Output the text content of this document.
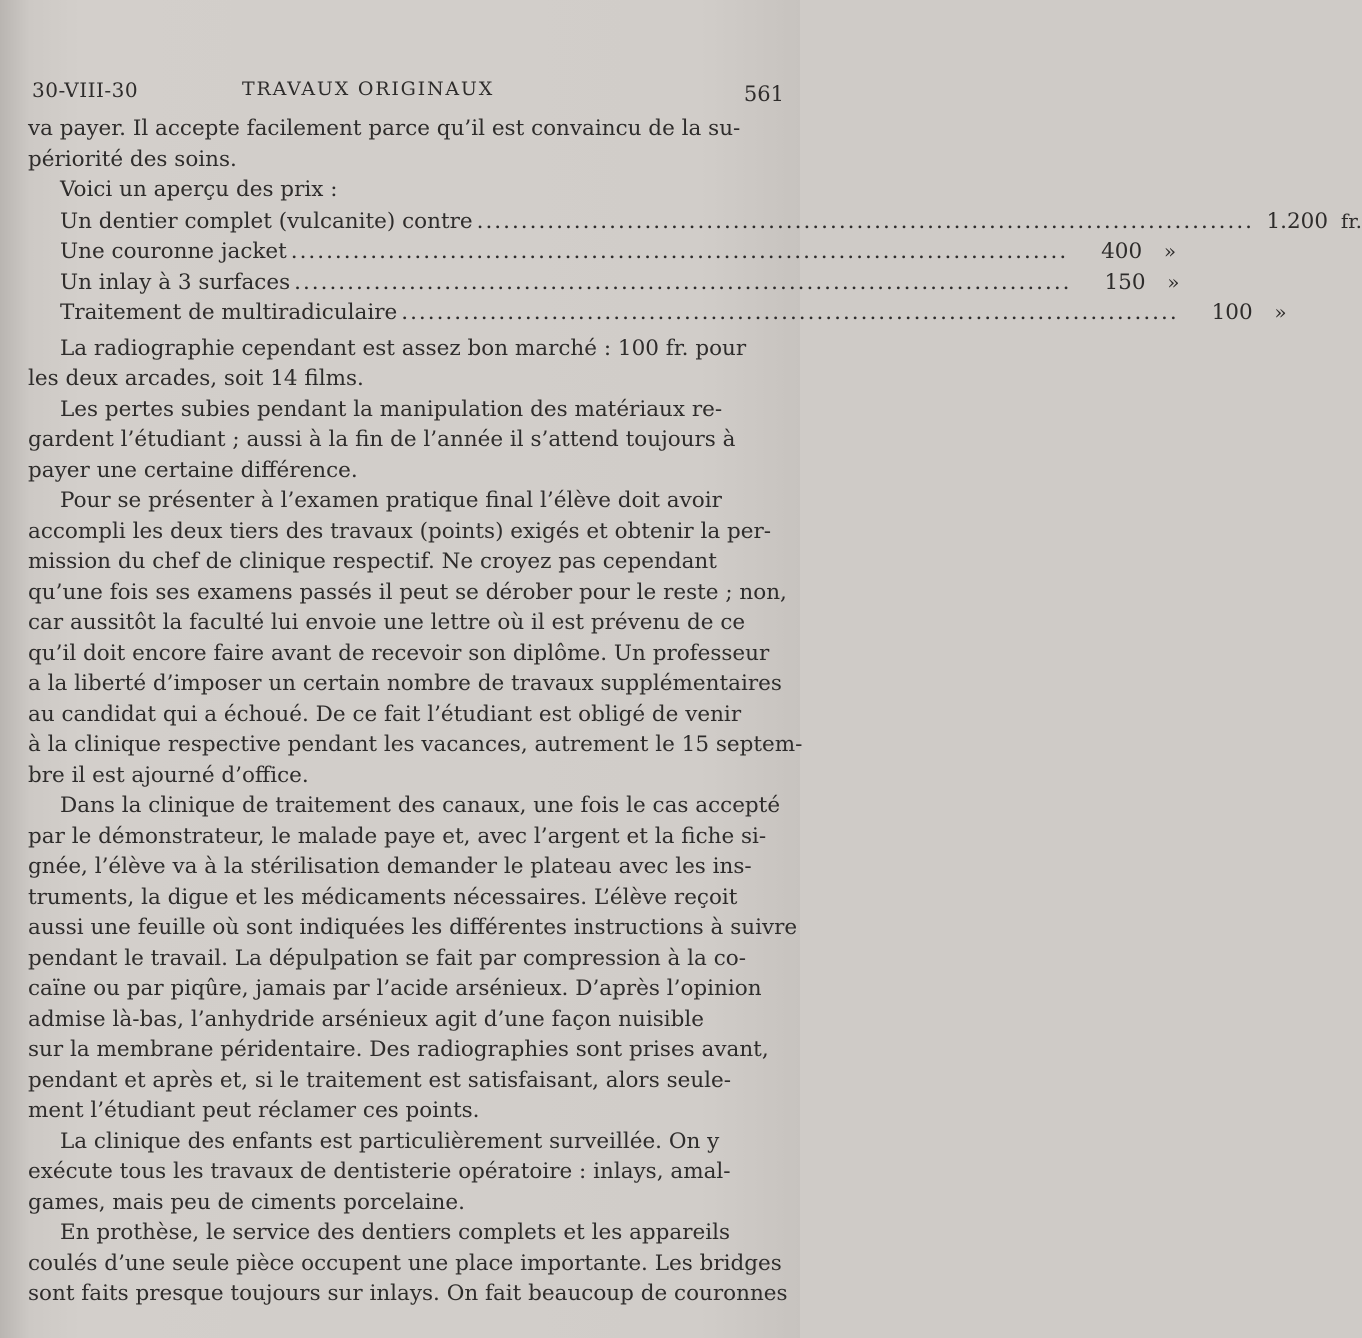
30-VIII-30	TRAVAUX ORIGINAUX	561
va payer. Il accepte facilement parce qu’il est convaincu de la su-
périorité des soins.
Voici un aperçu des prix :
Un dentier complet (vulcanite) contre .....	1.200 fr.
Une couronne jacket .....	400	»
Un inlay à 3 surfaces .....	150	»
Traitement de multiradiculaire .....	100	»
La radiographie cependant est assez bon marché : 100 fr. pour
les deux arcades, soit 14 films.
Les pertes subies pendant la manipulation des matériaux re-
gardent l’étudiant ; aussi à la fin de l’année il s’attend toujours à
payer une certaine différence.
Pour se présenter à l’examen pratique final l’élève doit avoir
accompli les deux tiers des travaux (points) exigés et obtenir la per-
mission du chef de clinique respectif. Ne croyez pas cependant
qu’une fois ses examens passés il peut se dérober pour le reste ; non,
car aussitôt la faculté lui envoie une lettre où il est prévenu de ce
qu’il doit encore faire avant de recevoir son diplôme. Un professeur
a la liberté d’imposer un certain nombre de travaux supplémentaires
au candidat qui a échoué. De ce fait l’étudiant est obligé de venir
à la clinique respective pendant les vacances, autrement le 15 septem-
bre il est ajourné d’office.
Dans la clinique de traitement des canaux, une fois le cas accepté
par le démonstrateur, le malade paye et, avec l’argent et la fiche si-
gnée, l’élève va à la stérilisation demander le plateau avec les ins-
truments, la digue et les médicaments nécessaires. L’élève reçoit
aussi une feuille où sont indiquées les différentes instructions à suivre
pendant le travail. La dépulpation se fait par compression à la co-
caïne ou par piqûre, jamais par l’acide arsénieux. D’après l’opinion
admise là-bas, l’anhydride arsénieux agit d’une façon nuisible
sur la membrane péridentaire. Des radiographies sont prises avant,
pendant et après et, si le traitement est satisfaisant, alors seule-
ment l’étudiant peut réclamer ces points.
La clinique des enfants est particulièrement surveillée. On y
exécute tous les travaux de dentisterie opératoire : inlays, amal-
games, mais peu de ciments porcelaine.
En prothèse, le service des dentiers complets et les appareils
coulés d’une seule pièce occupent une place importante. Les bridges
sont faits presque toujours sur inlays. On fait beaucoup de couronnes
